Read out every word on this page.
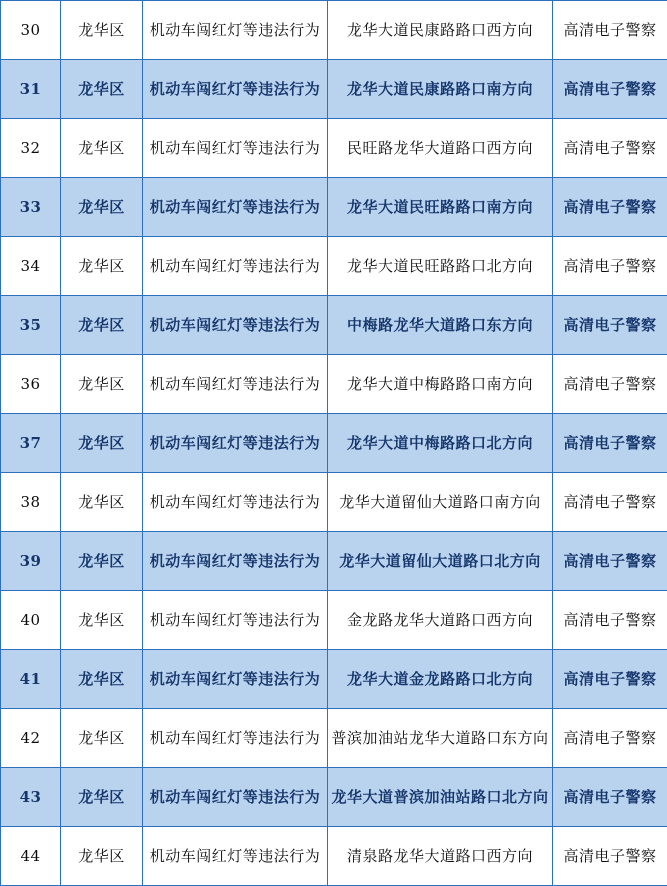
30	龙华区	机动车闯红灯等违法行为	龙华大道民康路路口西方向	高清电子警察
31	龙华区	机动车闯红灯等违法行为	龙华大道民康路路口南方向	高清电子警察
32	龙华区	机动车闯红灯等违法行为	民旺路龙华大道路口西方向	高清电子警察
33	龙华区	机动车闯红灯等违法行为	龙华大道民旺路路口南方向	高清电子警察
34	龙华区	机动车闯红灯等违法行为	龙华大道民旺路路口北方向	高清电子警察
35	龙华区	机动车闯红灯等违法行为	中梅路龙华大道路口东方向	高清电子警察
36	龙华区	机动车闯红灯等违法行为	龙华大道中梅路路口南方向	高清电子警察
37	龙华区	机动车闯红灯等违法行为	龙华大道中梅路路口北方向	高清电子警察
38	龙华区	机动车闯红灯等违法行为	龙华大道留仙大道路口南方向	高清电子警察
39	龙华区	机动车闯红灯等违法行为	龙华大道留仙大道路口北方向	高清电子警察
40	龙华区	机动车闯红灯等违法行为	金龙路龙华大道路口西方向	高清电子警察
41	龙华区	机动车闯红灯等违法行为	龙华大道金龙路路口北方向	高清电子警察
42	龙华区	机动车闯红灯等违法行为	普滨加油站龙华大道路口东方向	高清电子警察
43	龙华区	机动车闯红灯等违法行为	龙华大道普滨加油站路口北方向	高清电子警察
44	龙华区	机动车闯红灯等违法行为	清泉路龙华大道路口西方向	高清电子警察
